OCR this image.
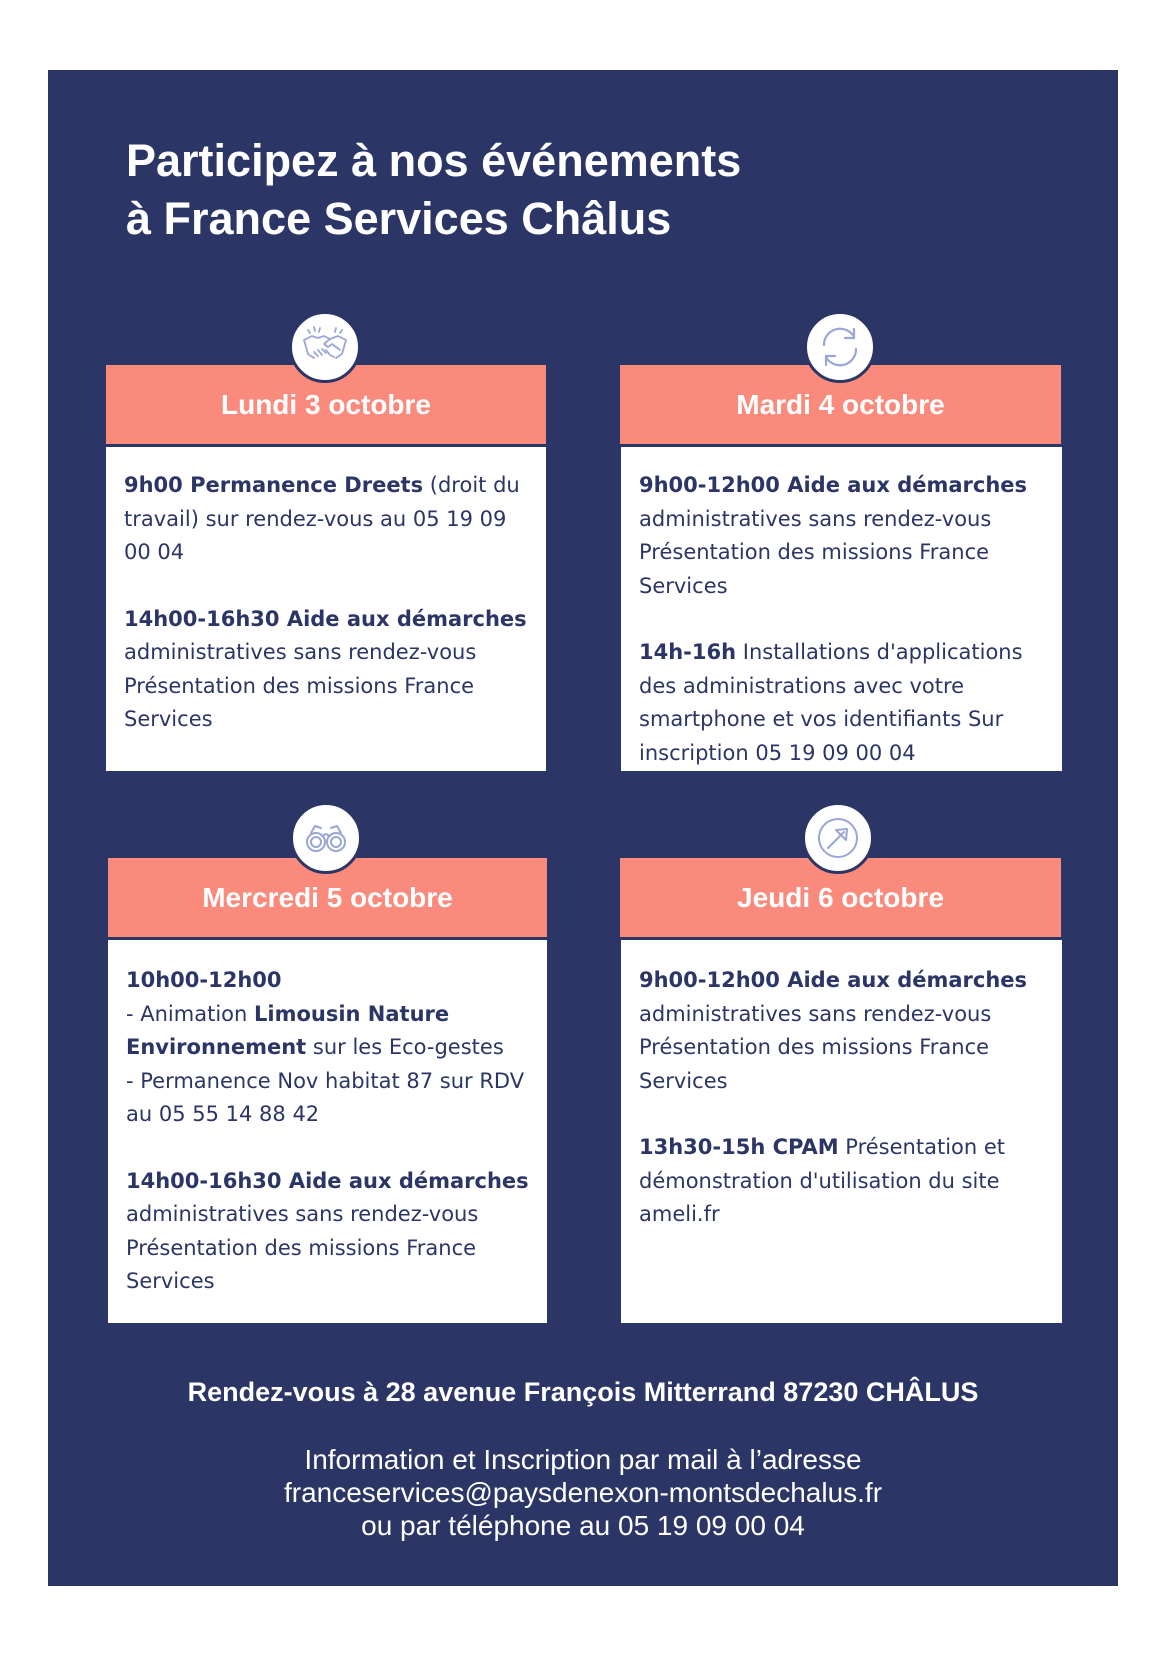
Participez à nos événements
à France Services Châlus

9h00 Permanence Dreets (droit du travail) sur rendez-vous au 05 19 09 00 04

14h00-16h30 Aide aux démarches administratives sans rendez-vous Présentation des missions France Services

Lundi 3 octobre

9h00-12h00 Aide aux démarches administratives sans rendez-vous Présentation des missions France Services

14h-16h Installations d'applications des administrations avec votre smartphone et vos identifiants Sur inscription 05 19 09 00 04

Mardi 4 octobre

10h00-12h00
- Animation Limousin Nature Environnement sur les Eco-gestes
- Permanence Nov habitat 87 sur RDV au 05 55 14 88 42

14h00-16h30 Aide aux démarches administratives sans rendez-vous Présentation des missions France Services

Mercredi 5 octobre

9h00-12h00 Aide aux démarches administratives sans rendez-vous Présentation des missions France Services

13h30-15h CPAM Présentation et démonstration d'utilisation du site ameli.fr

Jeudi 6 octobre
Rendez-vous à 28 avenue François Mitterrand 87230 CHÂLUS
Information et Inscription par mail à l’adresse
franceservices@paysdenexon-montsdechalus.fr
ou par téléphone au 05 19 09 00 04
